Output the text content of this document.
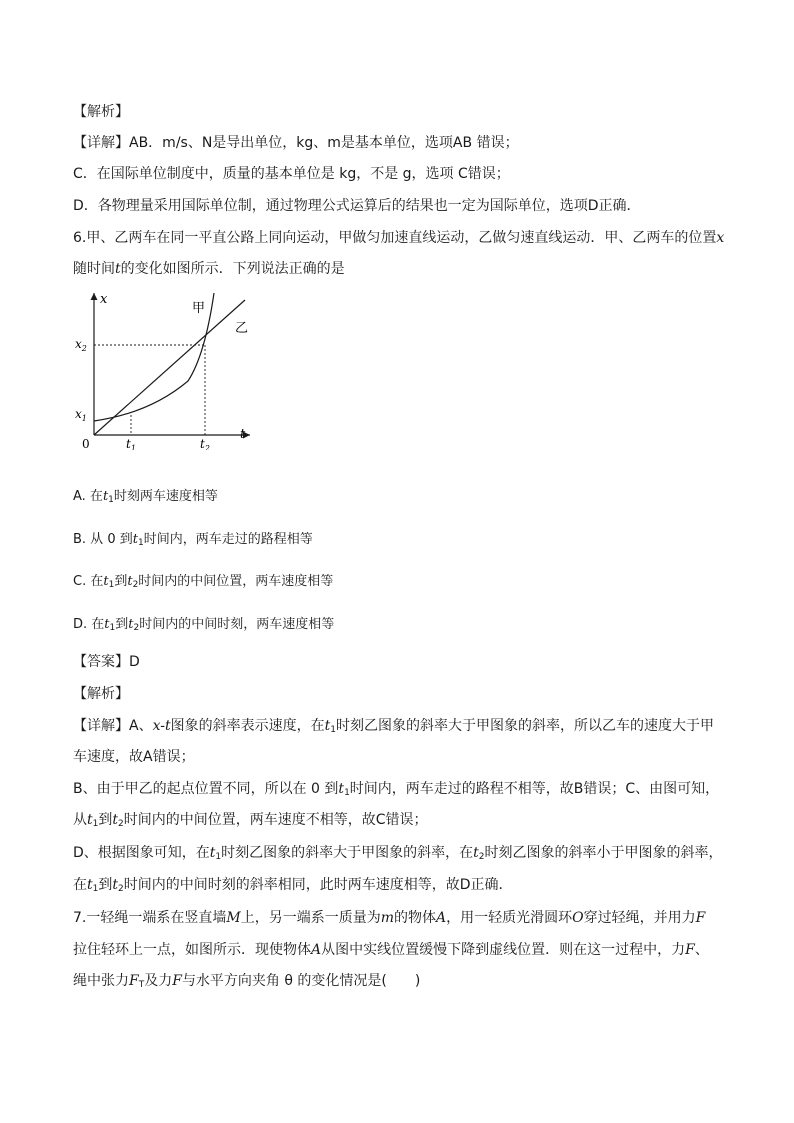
【解析】
【详解】AB．m/s、N是导出单位，kg、m是基本单位，选项AB 错误；
C．在国际单位制度中，质量的基本单位是 kg，不是 g，选项 C错误；
D．各物理量采用国际单位制，通过物理公式运算后的结果也一定为国际单位，选项D正确．
6.甲、乙两车在同一平直公路上同向运动，甲做匀加速直线运动，乙做匀速直线运动．甲、乙两车的位置x
随时间t的变化如图所示．下列说法正确的是
x
t
0
$x_2$
$x_1$
$t_1$	$t_2$
甲
乙
A. 在$t_1$时刻两车速度相等
B. 从 0 到$t_1$时间内，两车走过的路程相等
C. 在$t_1$到$t_2$时间内的中间位置，两车速度相等
D. 在$t_1$到$t_2$时间内的中间时刻，两车速度相等
【答案】D
【解析】
【详解】A、x-t图象的斜率表示速度，在$t_1$时刻乙图象的斜率大于甲图象的斜率，所以乙车的速度大于甲
车速度，故A错误；
B、由于甲乙的起点位置不同，所以在 0 到$t_1$时间内，两车走过的路程不相等，故B错误；C、由图可知，
从$t_1$到$t_2$时间内的中间位置，两车速度不相等，故C错误；
D、根据图象可知，在$t_1$时刻乙图象的斜率大于甲图象的斜率，在$t_2$时刻乙图象的斜率小于甲图象的斜率，
在$t_1$到$t_2$时间内的中间时刻的斜率相同，此时两车速度相等，故D正确．
7.一轻绳一端系在竖直墙M上，另一端系一质量为m的物体A，用一轻质光滑圆环O穿过轻绳，并用力F
拉住轻环上一点，如图所示．现使物体A从图中实线位置缓慢下降到虚线位置．则在这一过程中，力F、
绳中张力$F_T$及力F与水平方向夹角 θ 的变化情况是(　　)
